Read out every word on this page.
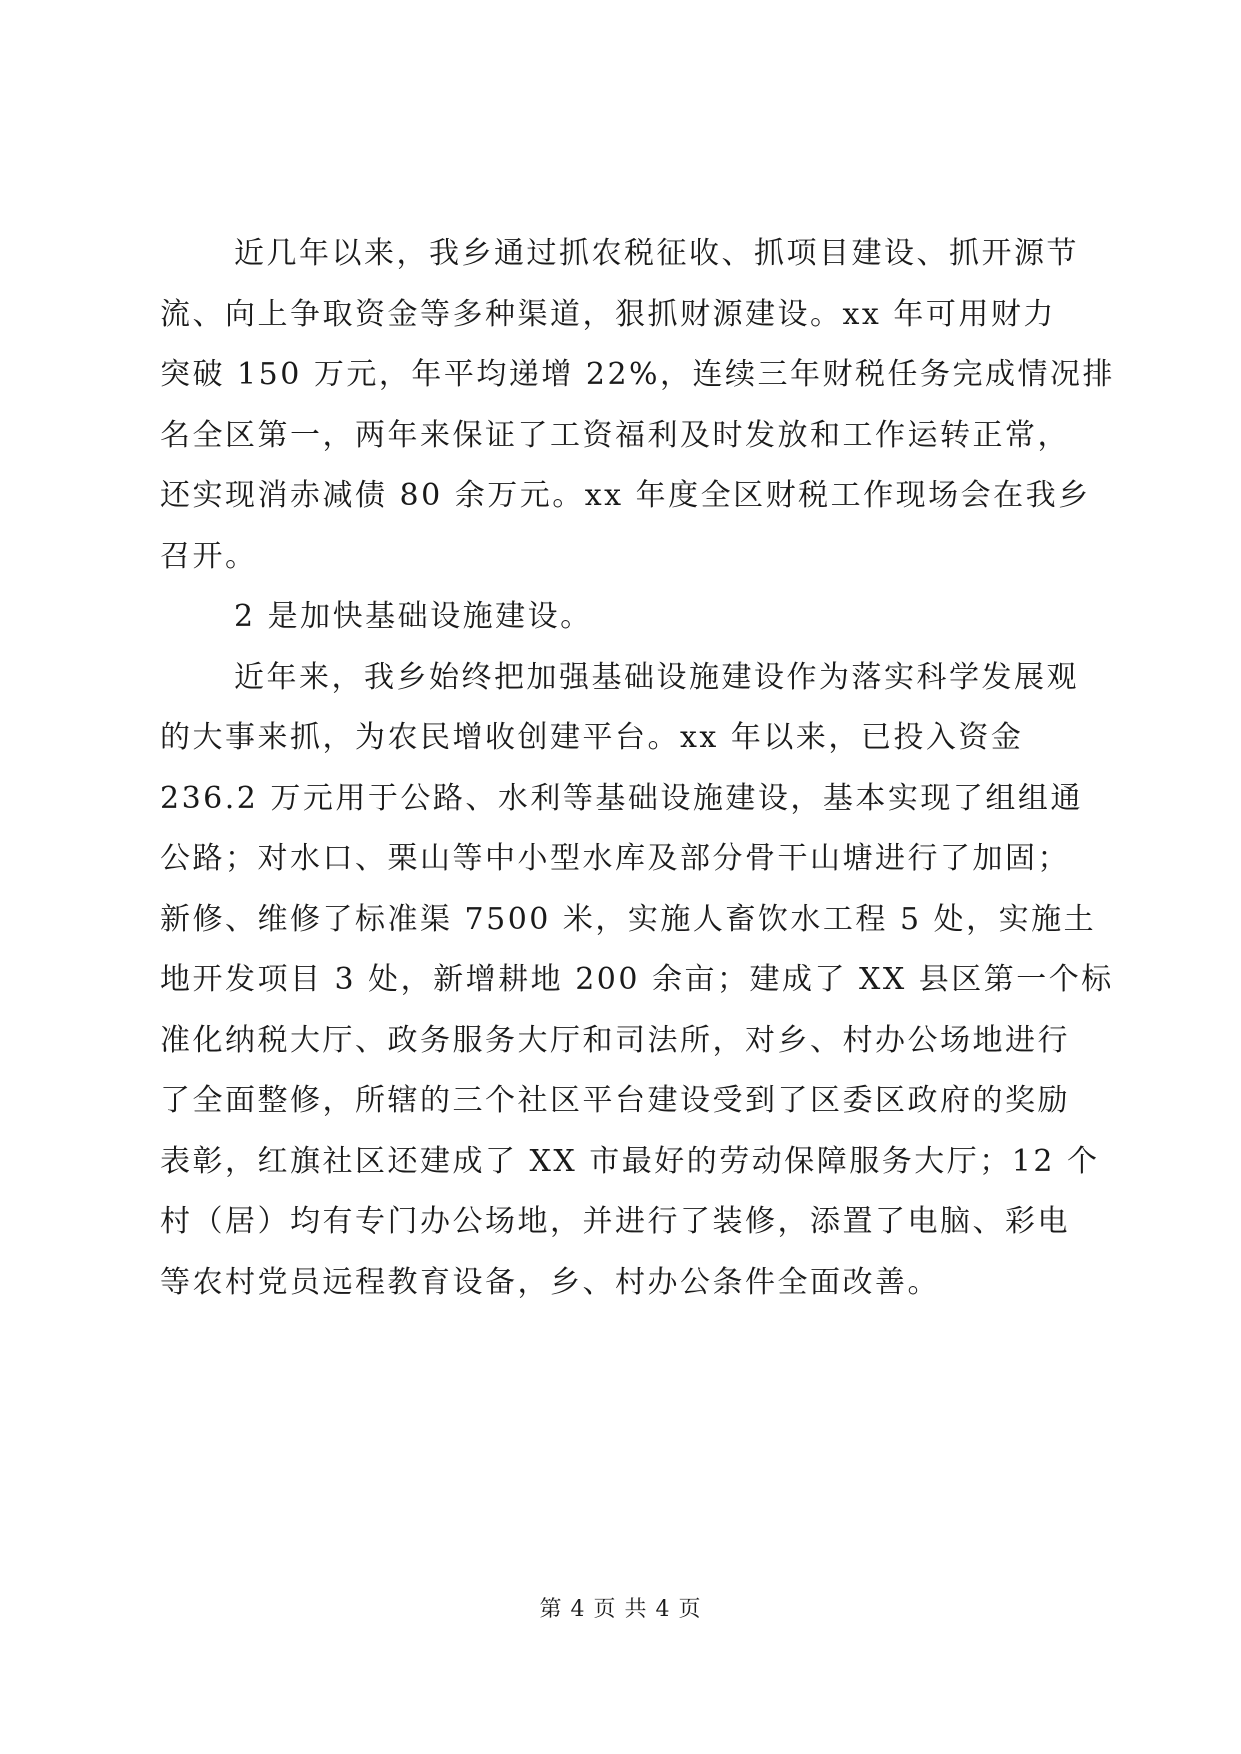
近几年以来，我乡通过抓农税征收、抓项目建设、抓开源节
流、向上争取资金等多种渠道，狠抓财源建设。xx 年可用财力
突破 150 万元，年平均递增 22%，连续三年财税任务完成情况排
名全区第一，两年来保证了工资福利及时发放和工作运转正常，
还实现消赤减债 80 余万元。xx 年度全区财税工作现场会在我乡
召开。
2 是加快基础设施建设。
近年来，我乡始终把加强基础设施建设作为落实科学发展观
的大事来抓，为农民增收创建平台。xx 年以来，已投入资金
236.2 万元用于公路、水利等基础设施建设，基本实现了组组通
公路；对水口、栗山等中小型水库及部分骨干山塘进行了加固；
新修、维修了标准渠 7500 米，实施人畜饮水工程 5 处，实施土
地开发项目 3 处，新增耕地 200 余亩；建成了 XX 县区第一个标
准化纳税大厅、政务服务大厅和司法所，对乡、村办公场地进行
了全面整修，所辖的三个社区平台建设受到了区委区政府的奖励
表彰，红旗社区还建成了 XX 市最好的劳动保障服务大厅；12 个
村（居）均有专门办公场地，并进行了装修，添置了电脑、彩电
等农村党员远程教育设备，乡、村办公条件全面改善。
第 4 页 共 4 页
